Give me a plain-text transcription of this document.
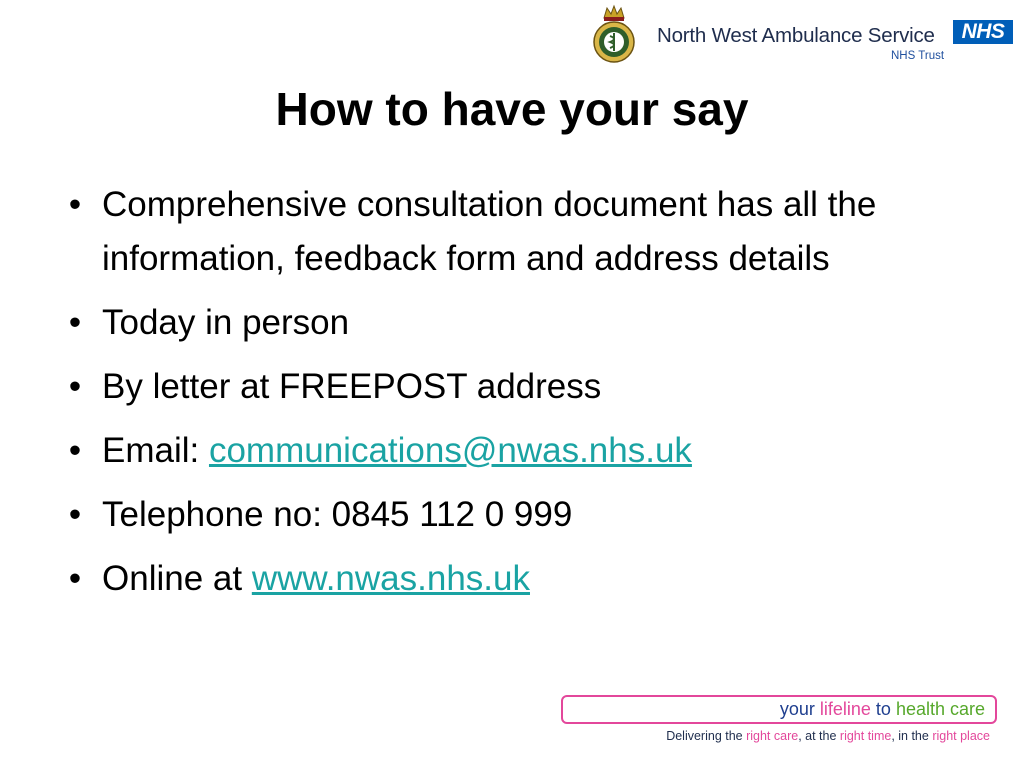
North West Ambulance Service	NHS
NHS Trust
How to have your say
• Comprehensive consultation document has all the information, feedback form and address details
• Today in person
• By letter at FREEPOST address
• Email: communications@nwas.nhs.uk
• Telephone no: 0845 112 0 999
• Online at www.nwas.nhs.uk
your lifeline to health care
Delivering the right care, at the right time, in the right place
